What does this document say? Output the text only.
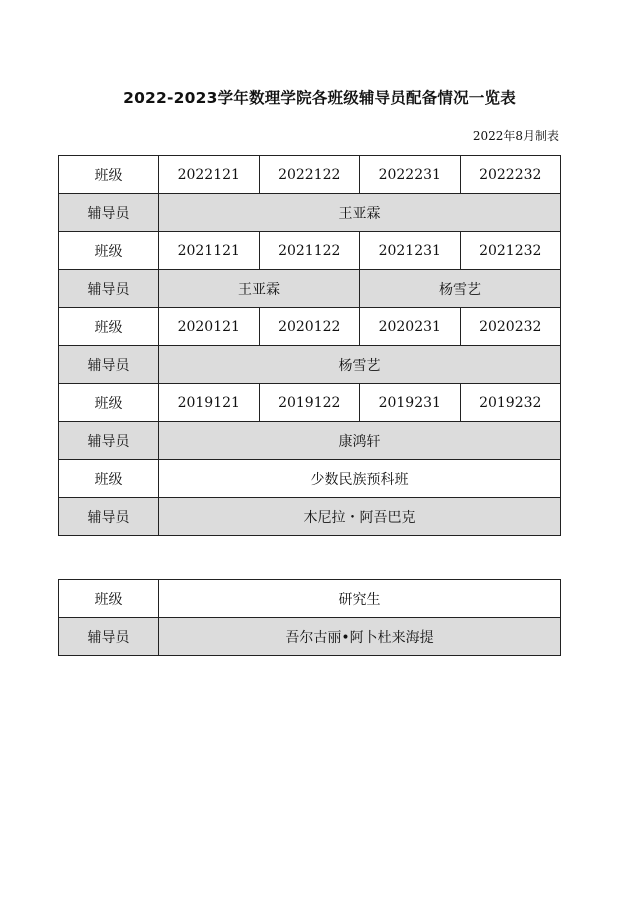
2022-2023学年数理学院各班级辅导员配备情况一览表
2022年8月制表
班级	2022121	2022122	2022231	2022232
辅导员	王亚霖			
班级	2021121	2021122	2021231	2021232
辅导员	王亚霖		杨雪艺	
班级	2020121	2020122	2020231	2020232
辅导员	杨雪艺			
班级	2019121	2019122	2019231	2019232
辅导员	康鸿轩			
班级	少数民族预科班			
辅导员	木尼拉・阿吾巴克			
班级	研究生
辅导员	吾尔古丽•阿卜杜来海提
